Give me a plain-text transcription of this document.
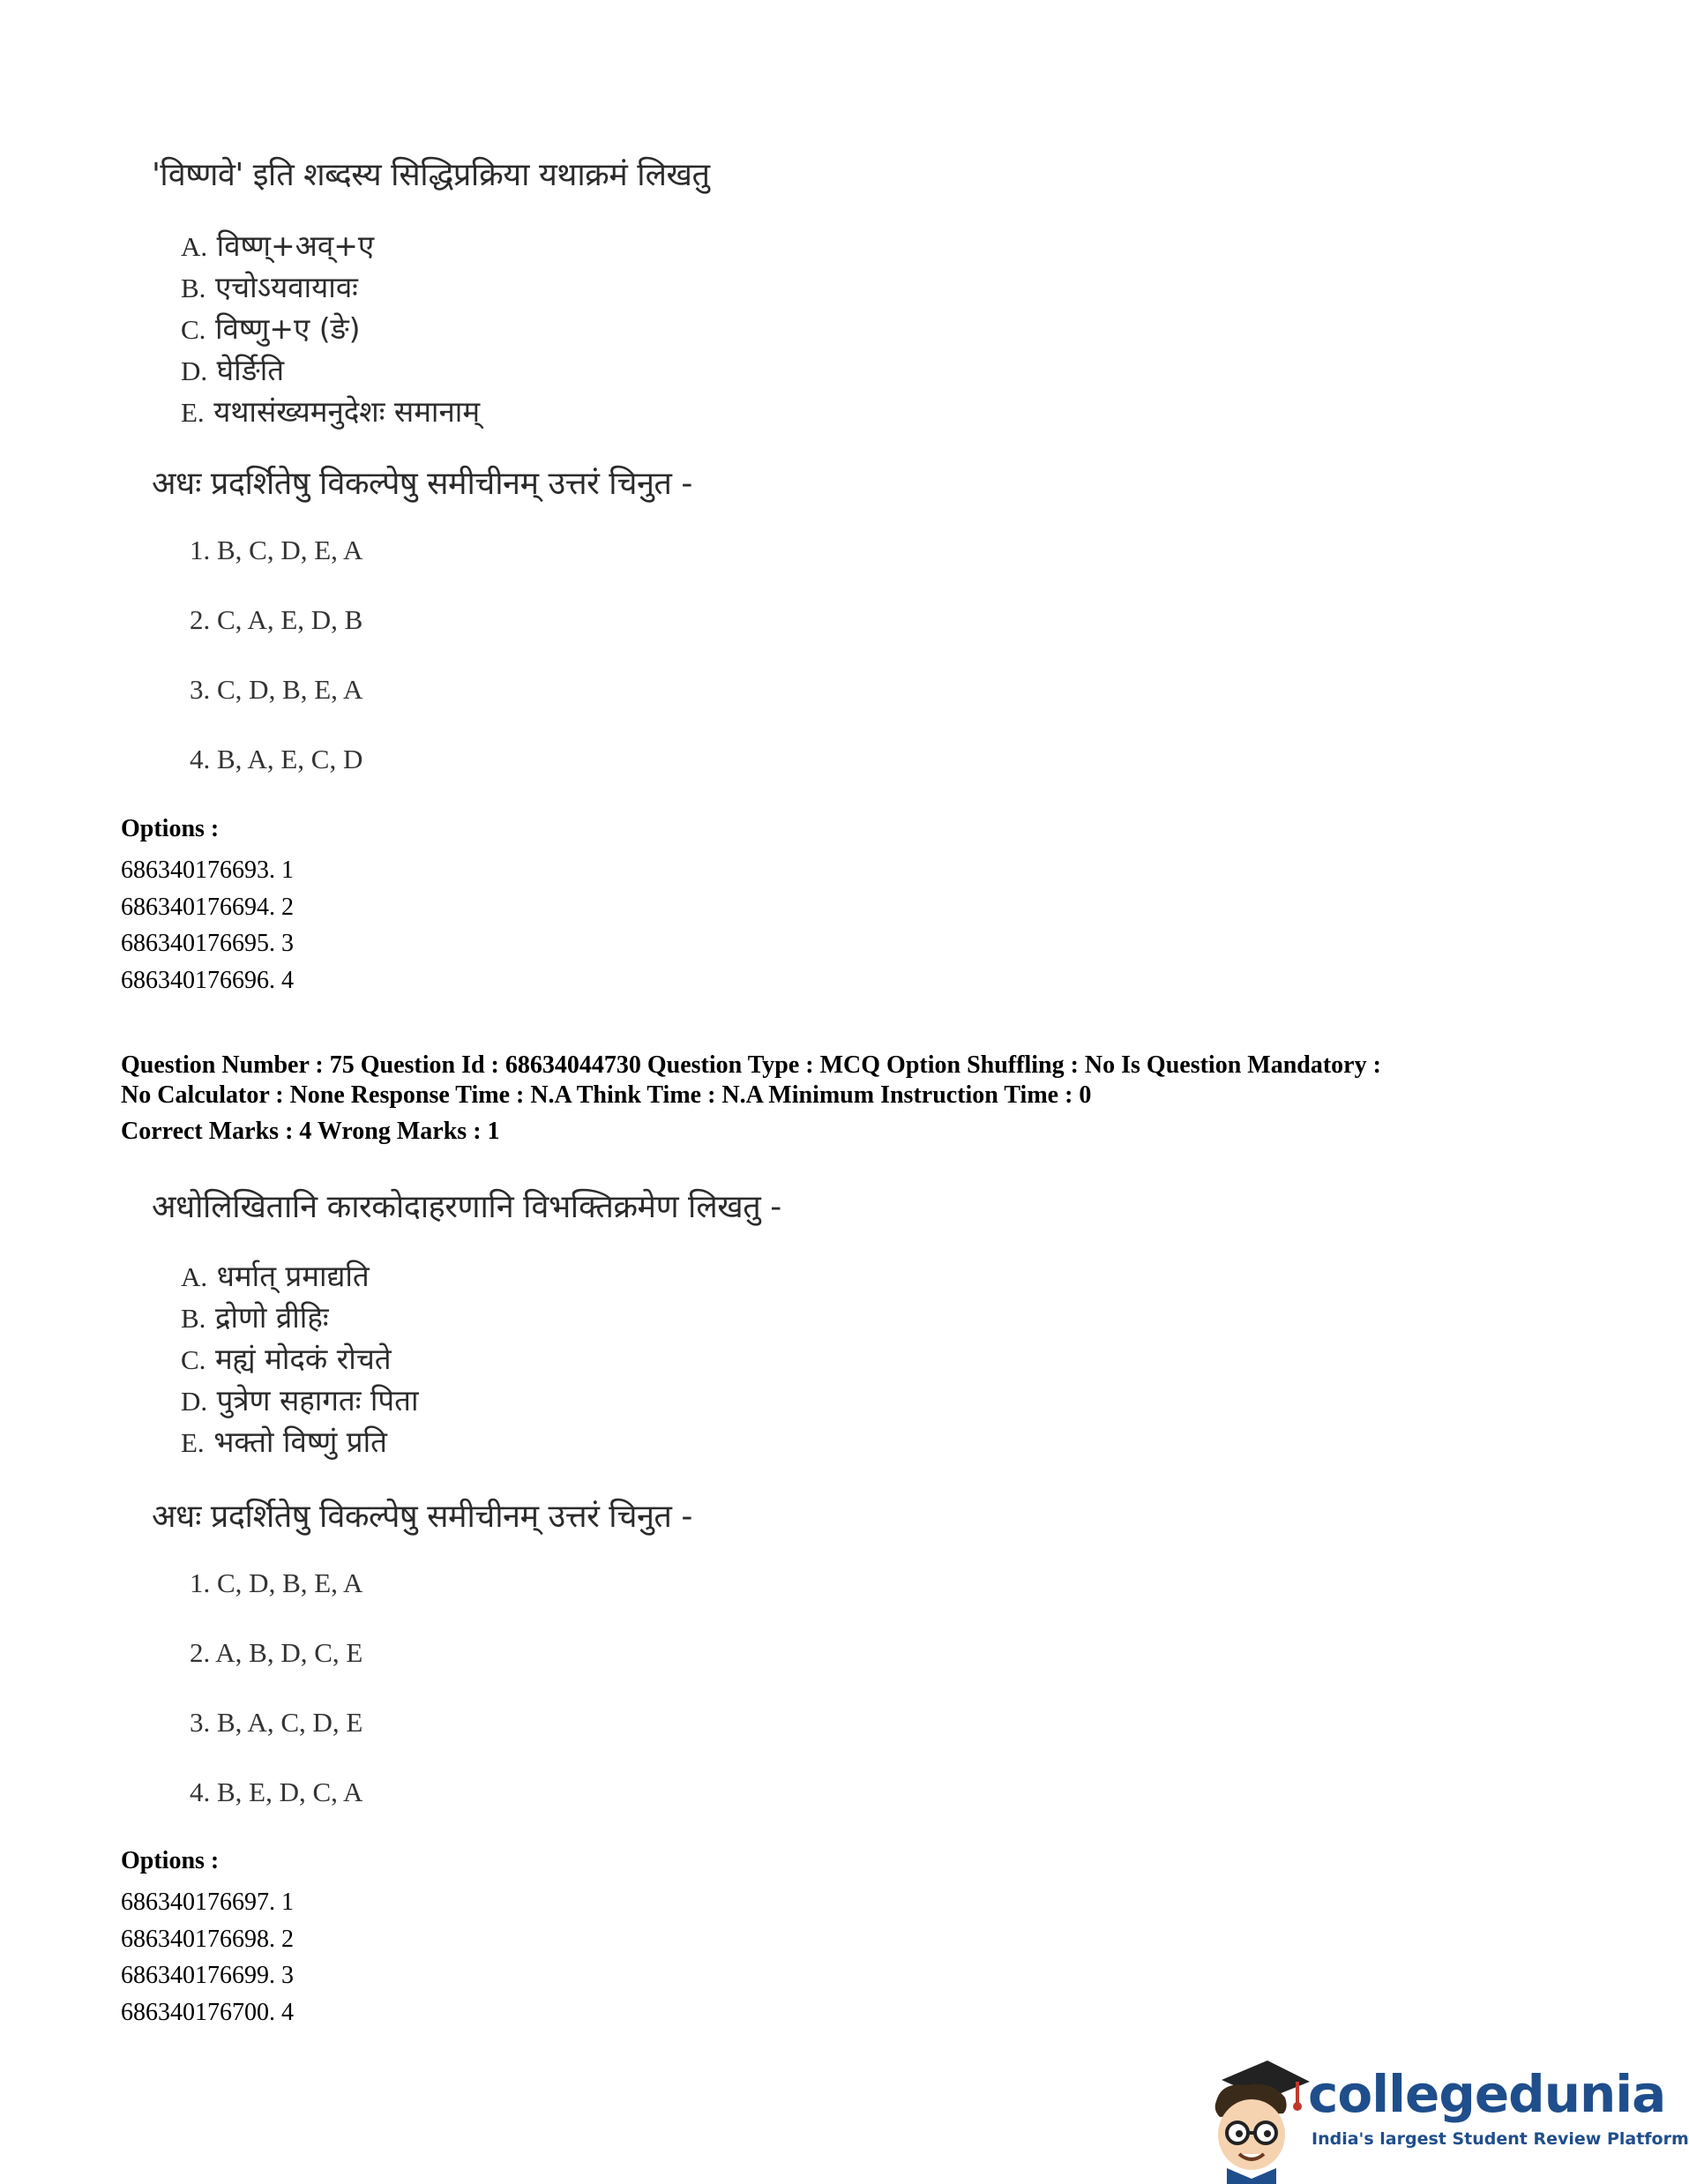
'विष्णवे' इति शब्दस्य सिद्धिप्रक्रिया यथाक्रमं लिखतु
A. विष्ण्+अव्+ए
B. एचोऽयवायावः
C. विष्णु+ए (ङे)
D. घेर्ङिति
E. यथासंख्यमनुदेशः समानाम्
अधः प्रदर्शितेषु विकल्पेषु समीचीनम् उत्तरं चिनुत -
1. B, C, D, E, A
2. C, A, E, D, B
3. C, D, B, E, A
4. B, A, E, C, D
Options :
686340176693. 1
686340176694. 2
686340176695. 3
686340176696. 4
Question Number : 75 Question Id : 68634044730 Question Type : MCQ Option Shuffling : No Is Question Mandatory :
No Calculator : None Response Time : N.A Think Time : N.A Minimum Instruction Time : 0
Correct Marks : 4 Wrong Marks : 1
अधोलिखितानि कारकोदाहरणानि विभक्तिक्रमेण लिखतु -
A. धर्मात् प्रमाद्यति
B. द्रोणो व्रीहिः
C. मह्यं मोदकं रोचते
D. पुत्रेण सहागतः पिता
E. भक्तो विष्णुं प्रति
अधः प्रदर्शितेषु विकल्पेषु समीचीनम् उत्तरं चिनुत -
1. C, D, B, E, A
2. A, B, D, C, E
3. B, A, C, D, E
4. B, E, D, C, A
Options :
686340176697. 1
686340176698. 2
686340176699. 3
686340176700. 4
collegedunia
India's largest Student Review Platform
